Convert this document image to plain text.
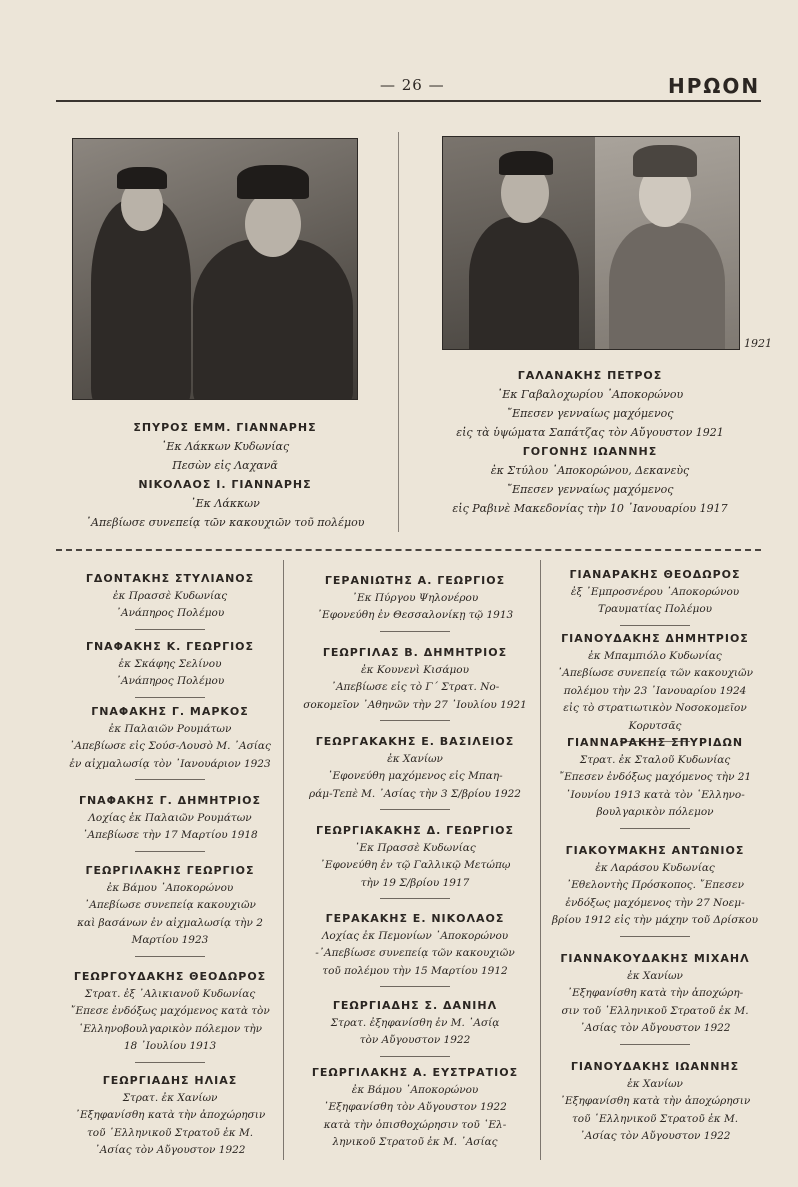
— 26 —	ΗΡΩΟΝ
1921
ΣΠΥΡΟΣ ΕΜΜ. ΓΙΑΝΝΑΡΗΣ
᾿Εκ Λάκκων Κυδωνίας
Πεσὼν εἰς Λαχανᾶ
ΝΙΚΟΛΑΟΣ Ι. ΓΙΑΝΝΑΡΗΣ
᾿Εκ Λάκκων
᾿Απεβίωσε συνεπείᾳ τῶν κακουχιῶν τοῦ πολέμου
ΓΑΛΑΝΑΚΗΣ ΠΕΤΡΟΣ
᾿Εκ Γαβαλοχωρίου ᾿Αποκορώνου
῎Επεσεν γενναίως μαχόμενος
εἰς τὰ ὑψώματα Σαπάτζας τὸν Αὔγουστον 1921
ΓΟΓΟΝΗΣ ΙΩΑΝΝΗΣ
ἐκ Στύλου ᾿Αποκορώνου, Δεκανεὺς
῎Επεσεν γενναίως μαχόμενος
εἰς Ραβινὲ Μακεδονίας τὴν 10 ᾿Ιανουαρίου 1917
ΓΔΟΝΤΑΚΗΣ ΣΤΥΛΙΑΝΟΣ
ἐκ Πρασσὲ Κυδωνίας
᾿Ανάπηρος Πολέμου
ΓΝΑΦΑΚΗΣ Κ. ΓΕΩΡΓΙΟΣ
ἐκ Σκάφης Σελίνου
᾿Ανάπηρος Πολέμου
ΓΝΑΦΑΚΗΣ Γ. ΜΑΡΚΟΣ
ἐκ Παλαιῶν Ρουμάτων
᾿Απεβίωσε εἰς Σούσ-Λουσὸ Μ. ᾿Ασίας
ἐν αἰχμαλωσίᾳ τὸν ᾿Ιανουάριον 1923
ΓΝΑΦΑΚΗΣ Γ. ΔΗΜΗΤΡΙΟΣ
Λοχίας ἐκ Παλαιῶν Ρουμάτων
᾿Απεβίωσε τὴν 17 Μαρτίου 1918
ΓΕΩΡΓΙΛΑΚΗΣ ΓΕΩΡΓΙΟΣ
ἐκ Βάμου ᾿Αποκορώνου
᾿Απεβίωσε συνεπείᾳ κακουχιῶν
καὶ βασάνων ἐν αἰχμαλωσίᾳ τὴν 2
Μαρτίου 1923
ΓΕΩΡΓΟΥΔΑΚΗΣ ΘΕΟΔΩΡΟΣ
Στρατ. ἐξ ᾿Αλικιανοῦ Κυδωνίας
῎Επεσε ἐνδόξως μαχόμενος κατὰ τὸν
῾Ελληνοβουλγαρικὸν πόλεμον τὴν
18 ᾿Ιουλίου 1913
ΓΕΩΡΓΙΑΔΗΣ ΗΛΙΑΣ
Στρατ. ἐκ Χανίων
᾿Εξηφανίσθη κατὰ τὴν ἀποχώρησιν
τοῦ ῾Ελληνικοῦ Στρατοῦ ἐκ Μ.
᾿Ασίας τὸν Αὔγουστον 1922
ΓΕΡΑΝΙΩΤΗΣ Α. ΓΕΩΡΓΙΟΣ
᾿Εκ Πύργου Ψηλονέρου
᾿Εφονεύθη ἐν Θεσσαλονίκῃ τῷ 1913
ΓΕΩΡΓΙΛΑΣ Β. ΔΗΜΗΤΡΙΟΣ
ἐκ Κουνενὶ Κισάμου
᾿Απεβίωσε εἰς τὸ Γ´ Στρατ. Νο-
σοκομεῖον ᾿Αθηνῶν τὴν 27 ᾿Ιουλίου 1921
ΓΕΩΡΓΑΚΑΚΗΣ Ε. ΒΑΣΙΛΕΙΟΣ
ἐκ Χανίων
᾿Εφονεύθη μαχόμενος εἰς Μπαη-
ράμ-Τεπὲ Μ. ᾿Ασίας τὴν 3 Σ/βρίου 1922
ΓΕΩΡΓΙΑΚΑΚΗΣ Δ. ΓΕΩΡΓΙΟΣ
᾿Εκ Πρασσὲ Κυδωνίας
᾿Εφονεύθη ἐν τῷ Γαλλικῷ Μετώπῳ
τὴν 19 Σ/βρίου 1917
ΓΕΡΑΚΑΚΗΣ Ε. ΝΙΚΟΛΑΟΣ
Λοχίας ἐκ Πεμονίων ᾿Αποκορώνου
-᾿Απεβίωσε συνεπείᾳ τῶν κακουχιῶν
τοῦ πολέμου τὴν 15 Μαρτίου 1912
ΓΕΩΡΓΙΑΔΗΣ Σ. ΔΑΝΙΗΛ
Στρατ. ἐξηφανίσθη ἐν Μ. ᾿Ασίᾳ
τὸν Αὔγουστον 1922
ΓΕΩΡΓΙΛΑΚΗΣ Α. ΕΥΣΤΡΑΤΙΟΣ
ἐκ Βάμου ᾿Αποκορώνου
᾿Εξηφανίσθη τὸν Αὔγουστον 1922
κατὰ τὴν ὀπισθοχώρησιν τοῦ ῾Ελ-
ληνικοῦ Στρατοῦ ἐκ Μ. ᾿Ασίας
ΓΙΑΝΑΡΑΚΗΣ ΘΕΟΔΩΡΟΣ
ἐξ ᾿Εμπροσνέρου ᾿Αποκορώνου
Τραυματίας Πολέμου
ΓΙΑΝΟΥΔΑΚΗΣ ΔΗΜΗΤΡΙΟΣ
ἐκ Μπαμπιόλο Κυδωνίας
᾿Απεβίωσε συνεπείᾳ τῶν κακουχιῶν
πολέμου τὴν 23 ᾿Ιανουαρίου 1924
εἰς τὸ στρατιωτικὸν Νοσοκομεῖον Κορυτσᾶς
ΓΙΑΝΝΑΡΑΚΗΣ ΣΠΥΡΙΔΩΝ
Στρατ. ἐκ Σταλοῦ Κυδωνίας
῎Επεσεν ἐνδόξως μαχόμενος τὴν 21
᾿Ιουνίου 1913 κατὰ τὸν ῾Ελληνο-
βουλγαρικὸν πόλεμον
ΓΙΑΚΟΥΜΑΚΗΣ ΑΝΤΩΝΙΟΣ
ἐκ Λαράσου Κυδωνίας
᾿Εθελοντὴς Πρόσκοπος. ῎Επεσεν
ἐνδόξως μαχόμενος τὴν 27 Νοεμ-
βρίου 1912 εἰς τὴν μάχην τοῦ Δρίσκου
ΓΙΑΝΝΑΚΟΥΔΑΚΗΣ ΜΙΧΑΗΛ
ἐκ Χανίων
᾿Εξηφανίσθη κατὰ τὴν ἀποχώρη-
σιν τοῦ ῾Ελληνικοῦ Στρατοῦ ἐκ Μ.
᾿Ασίας τὸν Αὔγουστον 1922
ΓΙΑΝΟΥΔΑΚΗΣ ΙΩΑΝΝΗΣ
ἐκ Χανίων
᾿Εξηφανίσθη κατὰ τὴν ἀποχώρησιν
τοῦ ῾Ελληνικοῦ Στρατοῦ ἐκ Μ.
᾿Ασίας τὸν Αὔγουστον 1922
